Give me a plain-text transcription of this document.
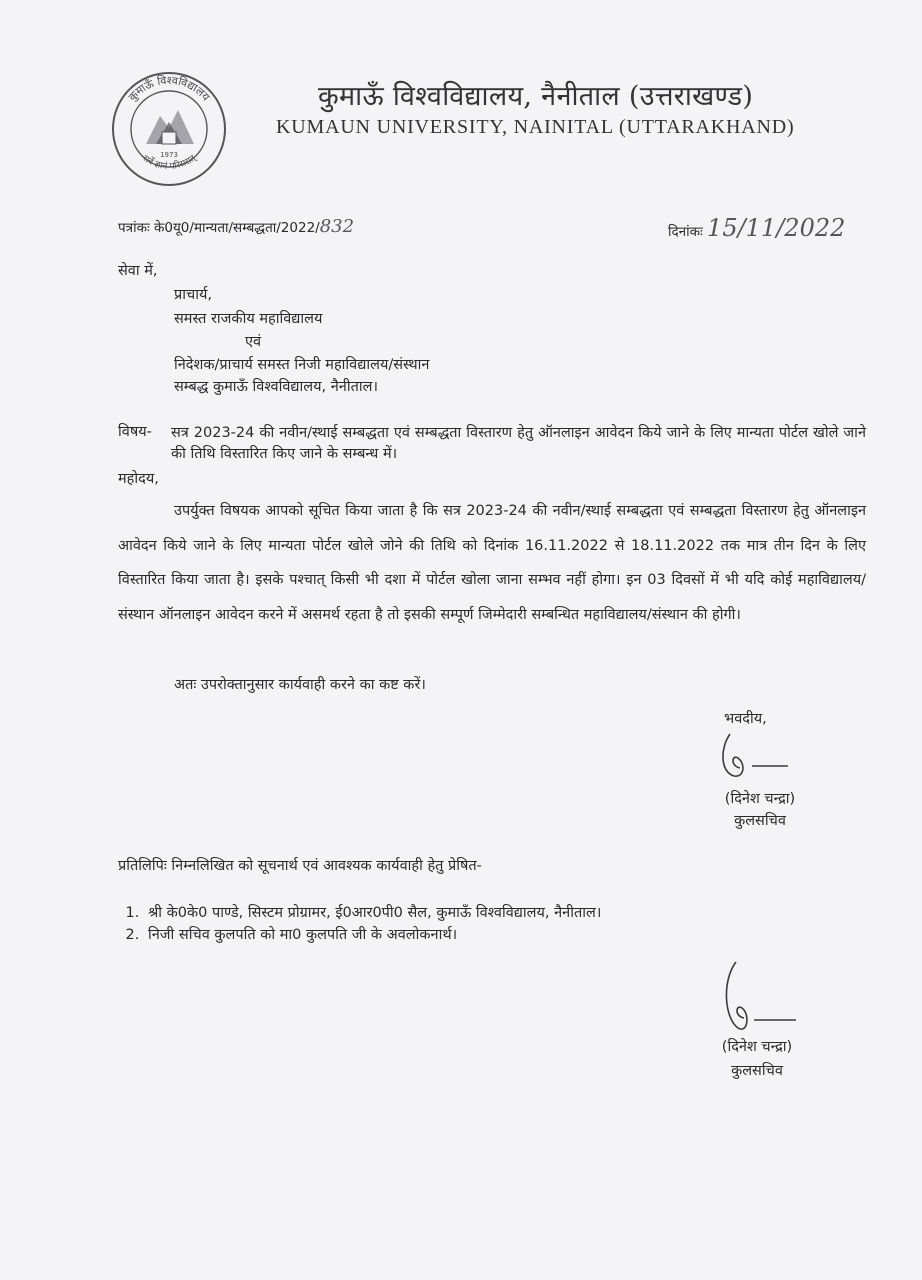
कुमाऊँ विश्वविद्यालय
सर्वे ज्ञानं परिसरात्
1973
कुमाऊँ विश्वविद्यालय, नैनीताल (उत्तराखण्ड)
KUMAUN UNIVERSITY, NAINITAL (UTTARAKHAND)
पत्रांकः के0यू0/मान्यता/सम्बद्धता/2022/832	दिनांकः 15/11/2022
सेवा में,
प्राचार्य,
समस्त राजकीय महाविद्यालय
एवं
निदेशक/प्राचार्य समस्त निजी महाविद्यालय/संस्थान
सम्बद्ध कुमाऊँ विश्वविद्यालय, नैनीताल।
विषय- सत्र 2023-24 की नवीन/स्थाई सम्बद्धता एवं सम्बद्धता विस्तारण हेतु ऑनलाइन आवेदन किये जाने के लिए मान्यता पोर्टल खोले जाने की तिथि विस्तारित किए जाने के सम्बन्ध में।
महोदय,
उपर्युक्त विषयक आपको सूचित किया जाता है कि सत्र 2023-24 की नवीन/स्थाई सम्बद्धता एवं सम्बद्धता विस्तारण हेतु ऑनलाइन आवेदन किये जाने के लिए मान्यता पोर्टल खोले जोने की तिथि को दिनांक 16.11.2022 से 18.11.2022 तक मात्र तीन दिन के लिए विस्तारित किया जाता है। इसके पश्चात् किसी भी दशा में पोर्टल खोला जाना सम्भव नहीं होगा। इन 03 दिवसों में भी यदि कोई महाविद्यालय/संस्थान ऑनलाइन आवेदन करने में असमर्थ रहता है तो इसकी सम्पूर्ण जिम्मेदारी सम्बन्धित महाविद्यालय/संस्थान की होगी।
अतः उपरोक्तानुसार कार्यवाही करने का कष्ट करें।
भवदीय,
(दिनेश चन्द्रा)
कुलसचिव
प्रतिलिपिः निम्नलिखित को सूचनार्थ एवं आवश्यक कार्यवाही हेतु प्रेषित-
1. श्री के0के0 पाण्डे, सिस्टम प्रोग्रामर, ई0आर0पी0 सैल, कुमाऊँ विश्वविद्यालय, नैनीताल।
2. निजी सचिव कुलपति को मा0 कुलपति जी के अवलोकनार्थ।
(दिनेश चन्द्रा)
कुलसचिव
